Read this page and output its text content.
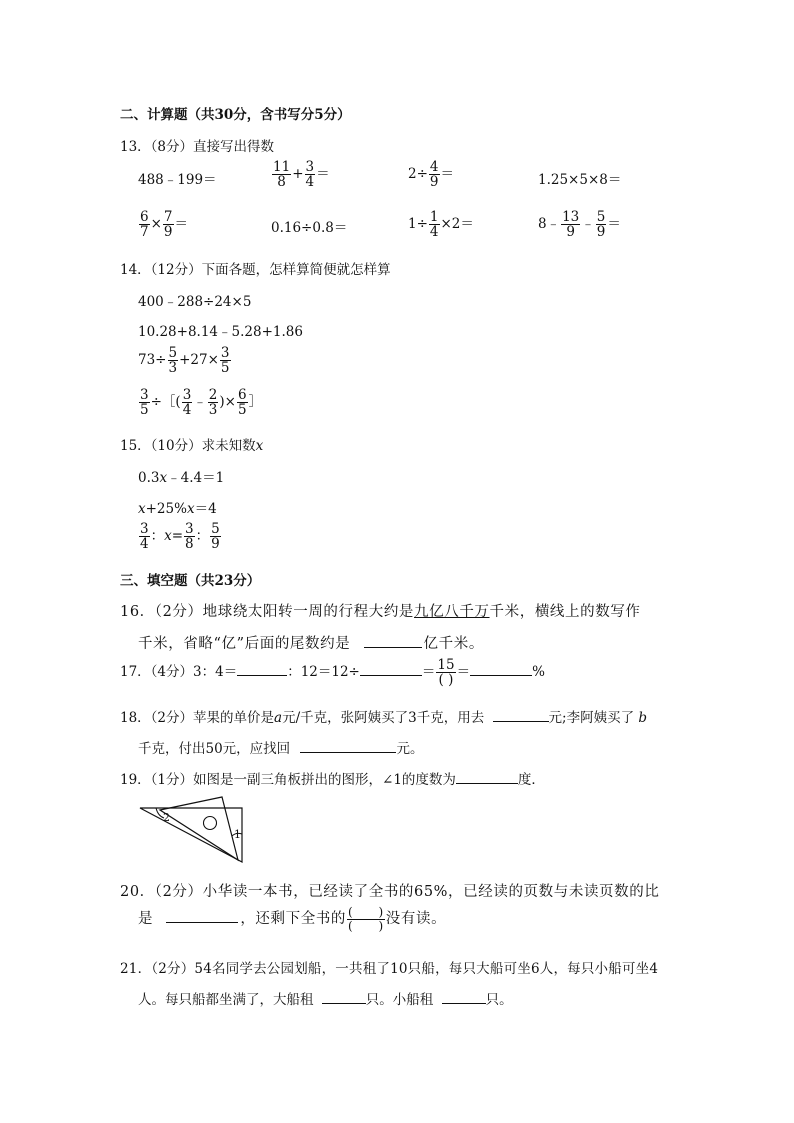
二、计算题（共30分，含书写分5分）
13．（8分）直接写出得数
488﹣199＝	$\frac{11}{8} + \frac{3}{4}$ ＝	$2\div \frac{4}{9}$ ＝	1.25×5×8＝
$\frac{6}{7} \times \frac{7}{9}$ ＝	0.16÷0.8＝	$1\div \frac{1}{4} \times 2=$	8﹣ $\frac{13}{9}$ ﹣ $\frac{5}{9}$ ＝
14．（12分）下面各题，怎样算简便就怎样算
400﹣288÷24×5
10.28+8.14﹣5.28+1.86
$73\div \frac{5}{3} +27\times \frac{3}{5}$
$\frac{3}{5}$ ÷［( $\frac{3}{4}$ ﹣ $\frac{2}{3}$ )× $\frac{6}{5}$ ］
15．（10分）求未知数x
0.3x﹣4.4＝1
x+25%x＝4
$\frac{3}{4}$ ：$x= \frac{3}{8}$ ： $\frac{5}{9}$
三、填空题（共23分）
16．（2分）地球绕太阳转一周的行程大约是九亿八千万千米，横线上的数写作
千米，省略“亿”后面的尾数约是	亿千米。
17．（4分）3：4＝	：12＝12÷	＝ $\frac{15}{( )}$ ＝	%
18．（2分）苹果的单价是a元/千克，张阿姨买了3千克，用去	元;李阿姨买了 b
千克，付出50元，应找回	元。
19．（1分）如图是一副三角板拼出的图形，∠1的度数为	度．
2
1
20．（2分）小华读一本书，已经读了全书的65%，已经读的页数与未读页数的比
是	，还剩下全书的 $\frac{( )}{( )}$ 没有读。
21．（2分）54名同学去公园划船，一共租了10只船，每只大船可坐6人，每只小船可坐4
人。每只船都坐满了，大船租	只。小船租	只。
